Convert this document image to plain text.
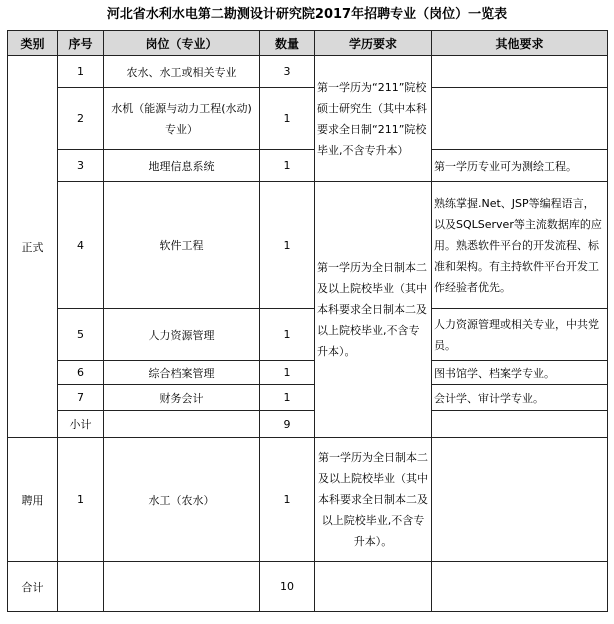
河北省水利水电第二勘测设计研究院2017年招聘专业（岗位）一览表
类别	序号	岗位（专业）	数量	学历要求	其他要求
正式	1	农水、水工或相关专业	3	第一学历为“211”院校硕士研究生（其中本科要求全日制“211”院校毕业,不含专升本）	
	2	水机（能源与动力工程(水动)专业）	1		
	3	地理信息系统	1		第一学历专业可为测绘工程。
	4	软件工程	1	第一学历为全日制本二及以上院校毕业（其中本科要求全日制本二及以上院校毕业,不含专升本）。	熟练掌握.Net、JSP等编程语言，以及SQLServer等主流数据库的应用。熟悉软件平台的开发流程、标准和架构。有主持软件平台开发工作经验者优先。
	5	人力资源管理	1		人力资源管理或相关专业，中共党员。
	6	综合档案管理	1		图书馆学、档案学专业。
	7	财务会计	1		会计学、审计学专业。
	小计		9		
聘用	1	水工（农水）	1	第一学历为全日制本二及以上院校毕业（其中本科要求全日制本二及以上院校毕业,不含专升本）。	
合计			10		
